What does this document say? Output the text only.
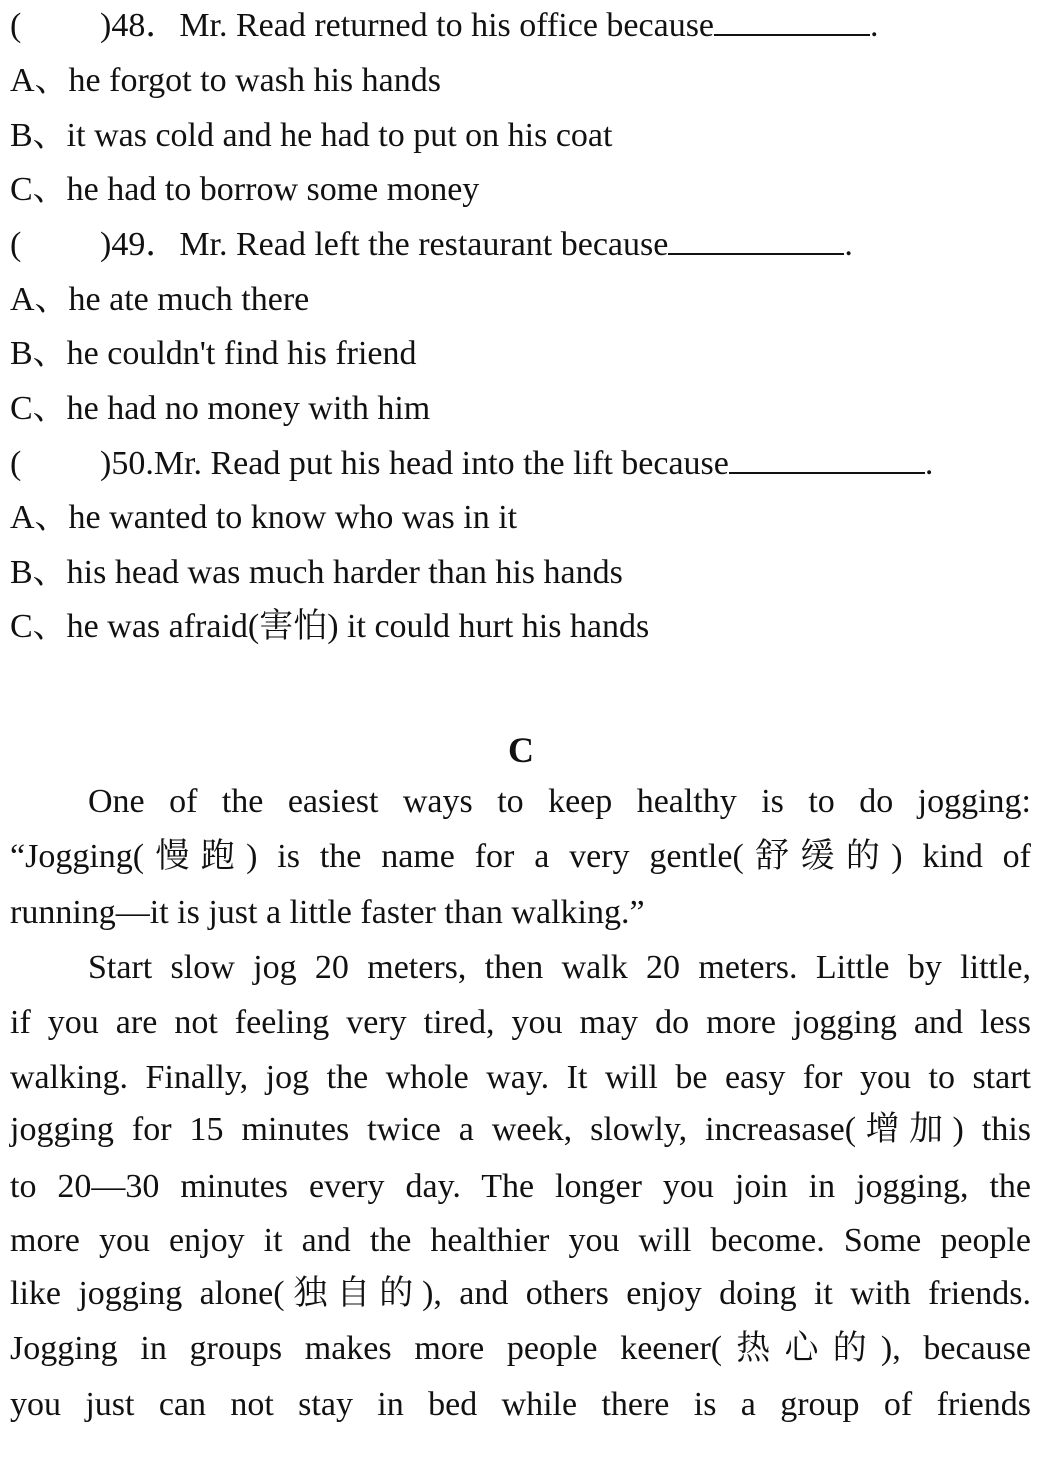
( )48．Mr. Read returned to his office because	.
A、he forgot to wash his hands
B、it was cold and he had to put on his coat
C、he had to borrow some money
( )49．Mr. Read left the restaurant because	.
A、he ate much there
B、he couldn't find his friend
C、he had no money with him
( )50.Mr. Read put his head into the lift because	.
A、he wanted to know who was in it
B、his head was much harder than his hands
C、he was afraid(害怕) it could hurt his hands
C
One of the easiest ways to keep healthy is to do jogging:
“Jogging(慢跑) is the name for a very gentle(舒缓的) kind of
running—it is just a little faster than walking.”
Start slow jog 20 meters, then walk 20 meters. Little by little,
if you are not feeling very tired, you may do more jogging and less
walking. Finally, jog the whole way. It will be easy for you to start
jogging for 15 minutes twice a week, slowly, increasase(增加) this
to 20—30 minutes every day. The longer you join in jogging, the
more you enjoy it and the healthier you will become. Some people
like jogging alone(独自的), and others enjoy doing it with friends.
Jogging in groups makes more people keener(热心的), because
you just can not stay in bed while there is a group of friends
